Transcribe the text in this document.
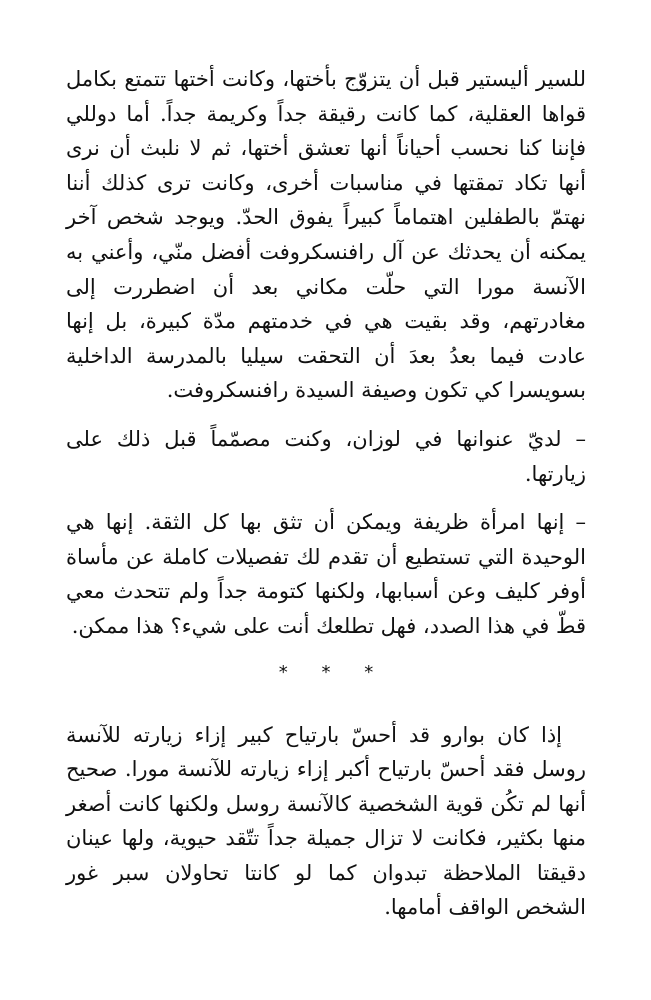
للسير أليستير قبل أن يتزوّج بأختها، وكانت أختها تتمتع بكامل قواها العقلية، كما كانت رقيقة جداً وكريمة جداً. أما دوللي فإننا كنا نحسب أحياناً أنها تعشق أختها، ثم لا نلبث أن نرى أنها تكاد تمقتها في مناسبات أخرى، وكانت ترى كذلك أننا نهتمّ بالطفلين اهتماماً كبيراً يفوق الحدّ. ويوجد شخص آخر يمكنه أن يحدثك عن آل رافنسكروفت أفضل منّي، وأعني به الآنسة مورا التي حلّت مكاني بعد أن اضطررت إلى مغادرتهم، وقد بقيت هي في خدمتهم مدّة كبيرة، بل إنها عادت فيما بعدُ بعدَ أن التحقت سيليا بالمدرسة الداخلية بسويسرا كي تكون وصيفة السيدة رافنسكروفت.

– لديّ عنوانها في لوزان، وكنت مصمّماً قبل ذلك على زيارتها.

– إنها امرأة ظريفة ويمكن أن تثق بها كل الثقة. إنها هي الوحيدة التي تستطيع أن تقدم لك تفصيلات كاملة عن مأساة أوفر كليف وعن أسبابها، ولكنها كتومة جداً ولم تتحدث معي قطّ في هذا الصدد، فهل تطلعك أنت على شيء؟ هذا ممكن.

* * *

إذا كان بوارو قد أحسّ بارتياح كبير إزاء زيارته للآنسة روسل فقد أحسّ بارتياح أكبر إزاء زيارته للآنسة مورا. صحيح أنها لم تكُن قوية الشخصية كالآنسة روسل ولكنها كانت أصغر منها بكثير، فكانت لا تزال جميلة جداً تتّقد حيوية، ولها عينان دقيقتا الملاحظة تبدوان كما لو كانتا تحاولان سبر غور الشخص الواقف أمامها.
